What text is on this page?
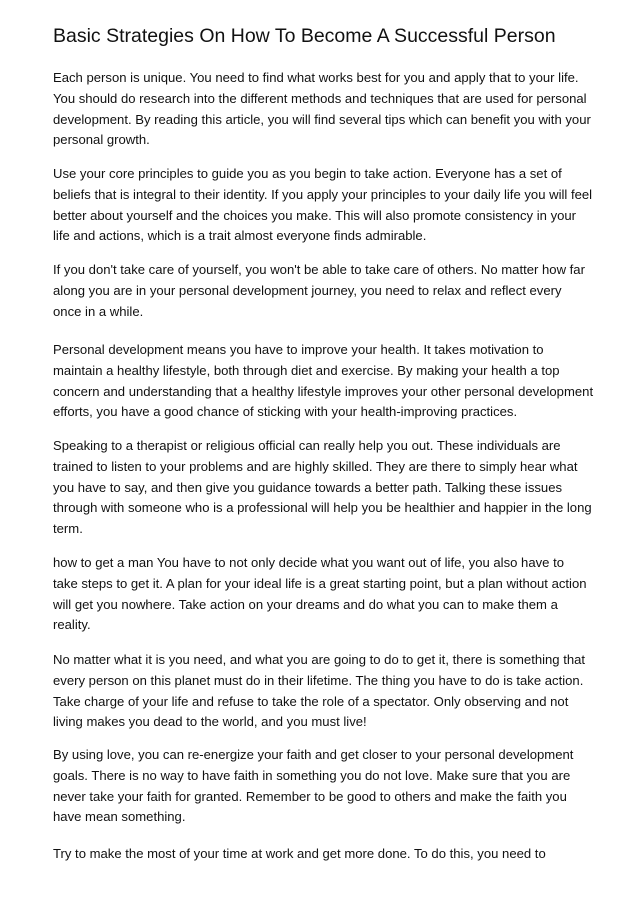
Basic Strategies On How To Become A Successful Person
Each person is unique. You need to find what works best for you and apply that to your life.
You should do research into the different methods and techniques that are used for personal
development. By reading this article, you will find several tips which can benefit you with your
personal growth.
Use your core principles to guide you as you begin to take action. Everyone has a set of
beliefs that is integral to their identity. If you apply your principles to your daily life you will feel
better about yourself and the choices you make. This will also promote consistency in your
life and actions, which is a trait almost everyone finds admirable.
If you don't take care of yourself, you won't be able to take care of others. No matter how far
along you are in your personal development journey, you need to relax and reflect every
once in a while.
Personal development means you have to improve your health. It takes motivation to
maintain a healthy lifestyle, both through diet and exercise. By making your health a top
concern and understanding that a healthy lifestyle improves your other personal development
efforts, you have a good chance of sticking with your health-improving practices.
Speaking to a therapist or religious official can really help you out. These individuals are
trained to listen to your problems and are highly skilled. They are there to simply hear what
you have to say, and then give you guidance towards a better path. Talking these issues
through with someone who is a professional will help you be healthier and happier in the long
term.
how to get a man You have to not only decide what you want out of life, you also have to
take steps to get it. A plan for your ideal life is a great starting point, but a plan without action
will get you nowhere. Take action on your dreams and do what you can to make them a
reality.
No matter what it is you need, and what you are going to do to get it, there is something that
every person on this planet must do in their lifetime. The thing you have to do is take action.
Take charge of your life and refuse to take the role of a spectator. Only observing and not
living makes you dead to the world, and you must live!
By using love, you can re-energize your faith and get closer to your personal development
goals. There is no way to have faith in something you do not love. Make sure that you are
never take your faith for granted. Remember to be good to others and make the faith you
have mean something.
Try to make the most of your time at work and get more done. To do this, you need to
